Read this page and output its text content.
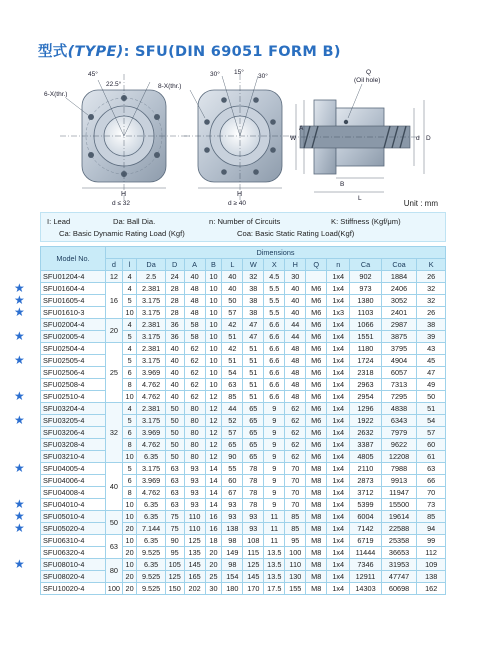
型式(TYPE): SFU(DIN 69051 FORM B)
45°
22.5°
6-X(thr.)
H
d ≤ 32
30° 15°
30°
8-X(thr.)
H
d ≥ 40
Q
(Oil hole)
W
A
d D
B
L
Unit : mm
I: Lead	Da: Ball Dia.	n: Number of Circuits	K: Stiffness (Kgf/μm)
Ca: Basic Dynamic Rating Load (Kgf)	Coa: Basic Static Rating Load(Kgf)
★
★
★
★
★
★
★
★
★
★
★
★
Model No.	Dimensions														
	d	l	Da	D	A	B	L	W	X	H	Q	n	Ca	Coa	K
SFU01204-4	12	4	2.5	24	40	10	40	32	4.5	30		1x4	902	1884	26
SFU01604-4	16	4	2.381	28	48	10	40	38	5.5	40	M6	1x4	973	2406	32
SFU01605-4		5	3.175	28	48	10	50	38	5.5	40	M6	1x4	1380	3052	32
SFU01610-3		10	3.175	28	48	10	57	38	5.5	40	M6	1x3	1103	2401	26
SFU02004-4	20	4	2.381	36	58	10	42	47	6.6	44	M6	1x4	1066	2987	38
SFU02005-4		5	3.175	36	58	10	51	47	6.6	44	M6	1x4	1551	3875	39
SFU02504-4	25	4	2.381	40	62	10	42	51	6.6	48	M6	1x4	1180	3795	43
SFU02505-4		5	3.175	40	62	10	51	51	6.6	48	M6	1x4	1724	4904	45
SFU02506-4		6	3.969	40	62	10	54	51	6.6	48	M6	1x4	2318	6057	47
SFU02508-4		8	4.762	40	62	10	63	51	6.6	48	M6	1x4	2963	7313	49
SFU02510-4		10	4.762	40	62	12	85	51	6.6	48	M6	1x4	2954	7295	50
SFU03204-4	32	4	2.381	50	80	12	44	65	9	62	M6	1x4	1296	4838	51
SFU03205-4		5	3.175	50	80	12	52	65	9	62	M6	1x4	1922	6343	54
SFU03206-4		6	3.969	50	80	12	57	65	9	62	M6	1x4	2632	7979	57
SFU03208-4		8	4.762	50	80	12	65	65	9	62	M6	1x4	3387	9622	60
SFU03210-4		10	6.35	50	80	12	90	65	9	62	M6	1x4	4805	12208	61
SFU04005-4	40	5	3.175	63	93	14	55	78	9	70	M8	1x4	2110	7988	63
SFU04006-4		6	3.969	63	93	14	60	78	9	70	M8	1x4	2873	9913	66
SFU04008-4		8	4.762	63	93	14	67	78	9	70	M8	1x4	3712	11947	70
SFU04010-4		10	6.35	63	93	14	93	78	9	70	M8	1x4	5399	15500	73
SFU05010-4	50	10	6.35	75	110	16	93	93	11	85	M8	1x4	6004	19614	85
SFU05020-4		20	7.144	75	110	16	138	93	11	85	M8	1x4	7142	22588	94
SFU06310-4	63	10	6.35	90	125	18	98	108	11	95	M8	1x4	6719	25358	99
SFU06320-4		20	9.525	95	135	20	149	115	13.5	100	M8	1x4	11444	36653	112
SFU08010-4	80	10	6.35	105	145	20	98	125	13.5	110	M8	1x4	7346	31953	109
SFU08020-4		20	9.525	125	165	25	154	145	13.5	130	M8	1x4	12911	47747	138
SFU10020-4	100	20	9.525	150	202	30	180	170	17.5	155	M8	1x4	14303	60698	162
